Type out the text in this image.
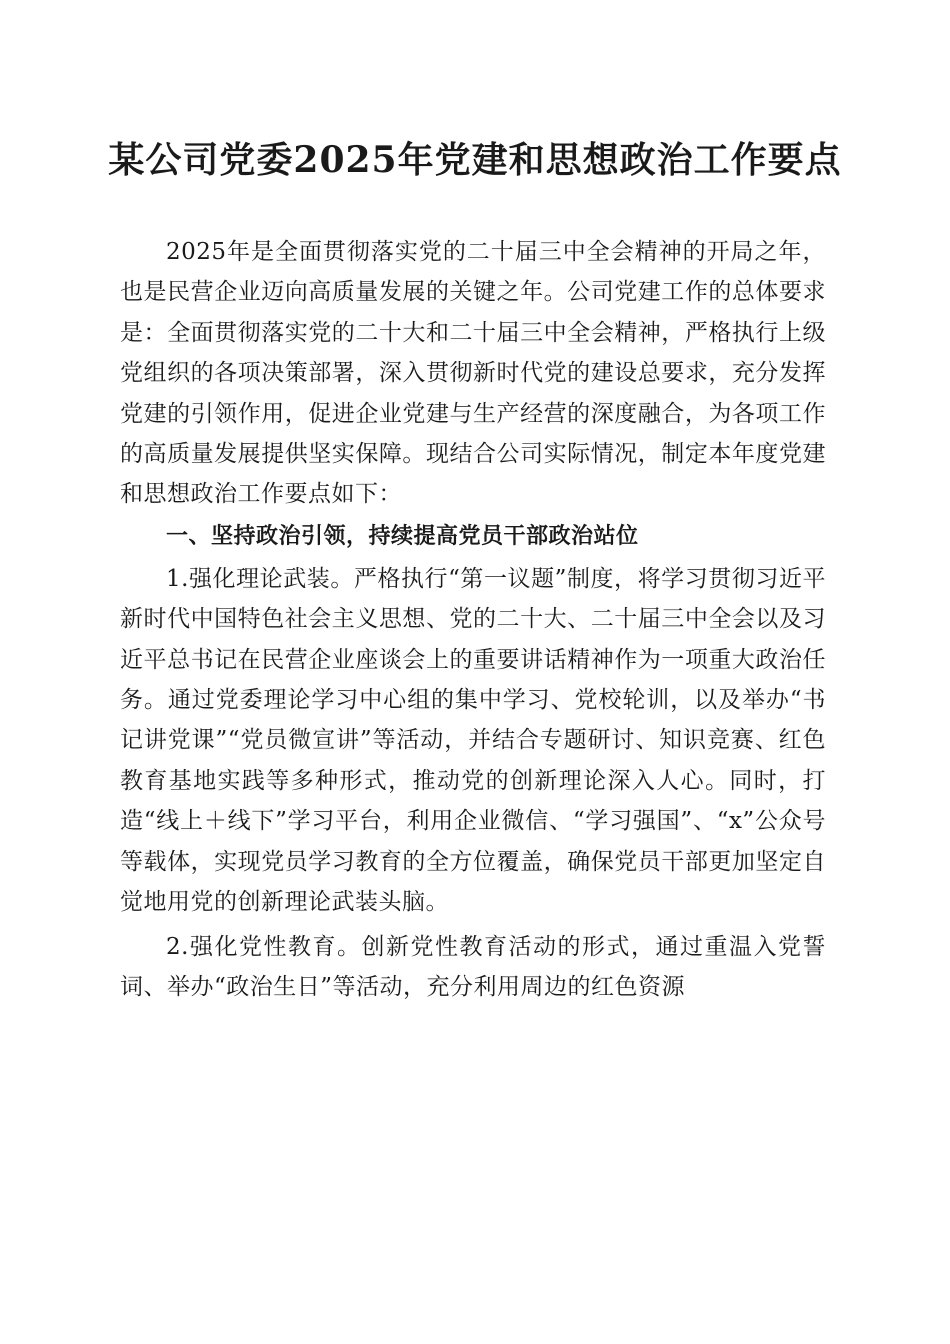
某公司党委2025年党建和思想政治工作要点

2025年是全面贯彻落实党的二十届三中全会精神的开局之年，也是民营企业迈向高质量发展的关键之年。公司党建工作的总体要求是：全面贯彻落实党的二十大和二十届三中全会精神，严格执行上级党组织的各项决策部署，深入贯彻新时代党的建设总要求，充分发挥党建的引领作用，促进企业党建与生产经营的深度融合，为各项工作的高质量发展提供坚实保障。现结合公司实际情况，制定本年度党建和思想政治工作要点如下：

一、坚持政治引领，持续提高党员干部政治站位

1.强化理论武装。严格执行“第一议题”制度，将学习贯彻习近平新时代中国特色社会主义思想、党的二十大、二十届三中全会以及习近平总书记在民营企业座谈会上的重要讲话精神作为一项重大政治任务。通过党委理论学习中心组的集中学习、党校轮训，以及举办“书记讲党课”“党员微宣讲”等活动，并结合专题研讨、知识竞赛、红色教育基地实践等多种形式，推动党的创新理论深入人心。同时，打造“线上＋线下”学习平台，利用企业微信、“学习强国”、“x”公众号等载体，实现党员学习教育的全方位覆盖，确保党员干部更加坚定自觉地用党的创新理论武装头脑。

2.强化党性教育。创新党性教育活动的形式，通过重温入党誓词、举办“政治生日”等活动，充分利用周边的红色资源
